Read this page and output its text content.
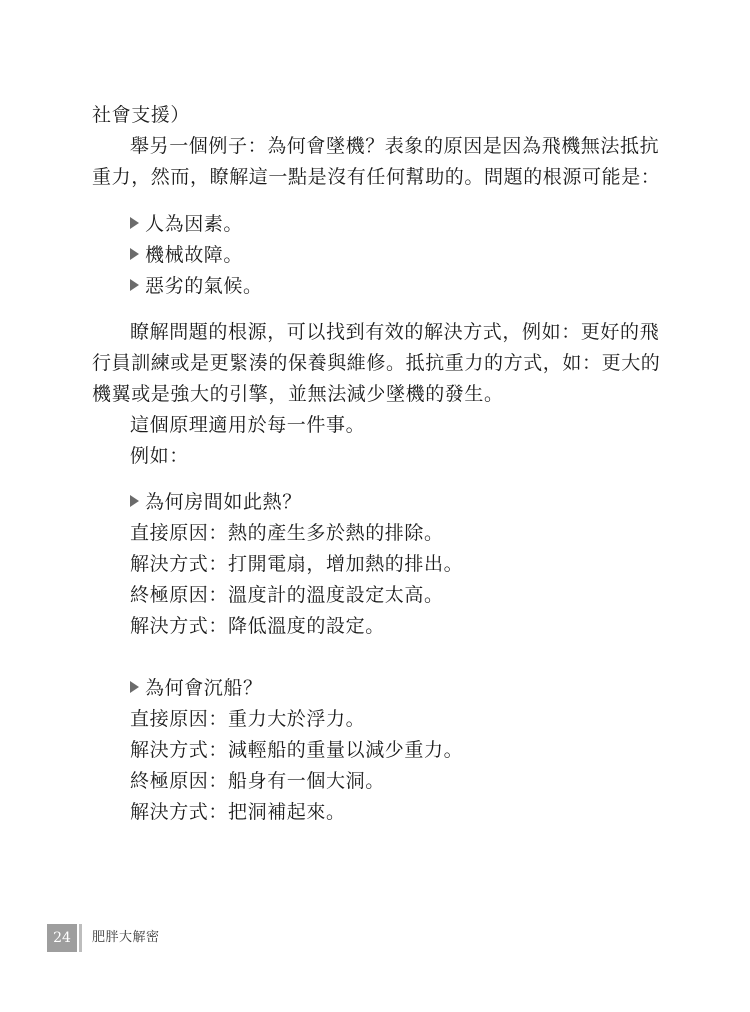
社會支援）
舉另一個例子：為何會墜機？表象的原因是因為飛機無法抵抗
重力，然而，瞭解這一點是沒有任何幫助的。問題的根源可能是：
人為因素。
機械故障。
惡劣的氣候。
瞭解問題的根源，可以找到有效的解決方式，例如：更好的飛
行員訓練或是更緊湊的保養與維修。抵抗重力的方式，如：更大的
機翼或是強大的引擎，並無法減少墜機的發生。
這個原理適用於每一件事。
例如：
為何房間如此熱？
直接原因：熱的產生多於熱的排除。
解決方式：打開電扇，增加熱的排出。
終極原因：溫度計的溫度設定太高。
解決方式：降低溫度的設定。
為何會沉船？
直接原因：重力大於浮力。
解決方式：減輕船的重量以減少重力。
終極原因：船身有一個大洞。
解決方式：把洞補起來。
24	肥胖大解密
